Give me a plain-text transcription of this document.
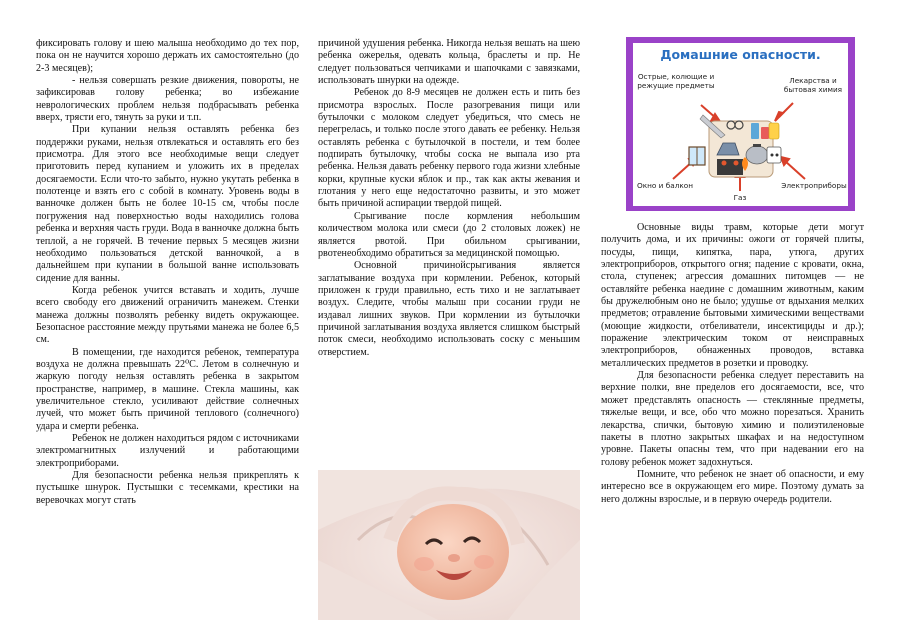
фиксировать голову и шею малыша необходимо до тех пор, пока он не научится хорошо держать их самостоятельно (до 2-3 месяцев);

- нельзя совершать резкие движения, повороты, не зафиксировав голову ребенка; во избежание неврологических проблем нельзя подбрасывать ребенка вверх, трясти его, тянуть за руки и т.п.

При купании нельзя оставлять ребенка без поддержки руками, нельзя отвлекаться и оставлять его без присмотра. Для этого все необходимые вещи следует приготовить перед купанием и уложить их в пределах досягаемости. Если что-то забыто, нужно укутать ребенка в полотенце и взять его с собой в комнату. Уровень воды в ванночке должен быть не более 10-15 см, чтобы после погружения над поверхностью воды находились голова ребенка и верхняя часть груди. Вода в ванночке должна быть теплой, а не горячей. В течение первых 5 месяцев жизни необходимо пользоваться детской ванночкой, а в дальнейшем при купании в большой ванне использовать сидение для ванны.

Когда ребенок учится вставать и ходить, лучше всего свободу его движений ограничить манежем. Стенки манежа должны позволять ребенку видеть окружающее. Безопасное расстояние между прутьями манежа не более 6,5 см.

В помещении, где находится ребенок, температура воздуха не должна превышать 22⁰С. Летом в солнечную и жаркую погоду нельзя оставлять ребенка в закрытом пространстве, например, в машине. Стекла машины, как увеличительное стекло, усиливают действие солнечных лучей, что может быть причиной теплового (солнечного) удара и смерти ребенка.

Ребенок не должен находиться рядом с источниками электромагнитных излучений и работающими электроприборами.

Для безопасности ребенка нельзя прикреплять к пустышке шнурок. Пустышки с тесемками, крестики на веревочках могут стать

причиной удушения ребенка. Никогда нельзя вешать на шею ребенка ожерелья, одевать кольца, браслеты и пр. Не следует пользоваться чепчиками и шапочками с завязками, использовать шнурки на одежде.

Ребенок до 8-9 месяцев не должен есть и пить без присмотра взрослых. После разогревания пищи или бутылочки с молоком следует убедиться, что смесь не перегрелась, и только после этого давать ее ребенку. Нельзя оставлять ребенка с бутылочкой в постели, и тем более подпирать бутылочку, чтобы соска не выпала изо рта ребенка. Нельзя давать ребенку первого года жизни хлебные корки, крупные куски яблок и пр., так как акты жевания и глотания у него еще недостаточно развиты, и это может быть причиной аспирации твердой пищей.

Срыгивание после кормления небольшим количеством молока или смеси (до 2 столовых ложек) не является рвотой. При обильном срыгивании, рвотенеобходимо обратиться за медицинской помощью.

Основной причинойсрыгивания является заглатывание воздуха при кормлении. Ребенок, который приложен к груди правильно, есть тихо и не заглатывает воздух. Следите, чтобы малыш при сосании груди не издавал лишних звуков. При кормлении из бутылочки причиной заглатывания воздуха является слишком быстрый поток смеси, необходимо использовать соску с меньшим отверстием.

Основные виды травм, которые дети могут получить дома, и их причины: ожоги от горячей плиты, посуды, пищи, кипятка, пара, утюга, других электроприборов, открытого огня; падение с кровати, окна, стола, ступенек; агрессия домашних питомцев — не оставляйте ребенка наедине с домашним животным, каким бы дружелюбным оно не было; удушье от вдыхания мелких предметов; отравление бытовыми химическими веществами (моющие жидкости, отбеливатели, инсектициды и др.); поражение электрическим током от неисправных электроприборов, обнаженных проводов, вставка металлических предметов в розетки и проводку.

Для безопасности ребенка следует переставить на верхние полки, вне пределов его досягаемости, все, что может представлять опасность — стеклянные предметы, тяжелые вещи, и все, обо что можно порезаться. Хранить лекарства, спички, бытовую химию и полиэтиленовые пакеты в плотно закрытых шкафах и на недоступном уровне. Пакеты опасны тем, что при надевании его на голову ребенок может задохнуться.

Помните, что ребенок не знает об опасности, и ему интересно все в окружающем его мире. Поэтому думать за него должны взрослые, и в первую очередь родители.

Домашние опасности.
Острые, колющие и режущие предметы
Лекарства и бытовая химия
Окно и балкон
Газ
Электроприборы
